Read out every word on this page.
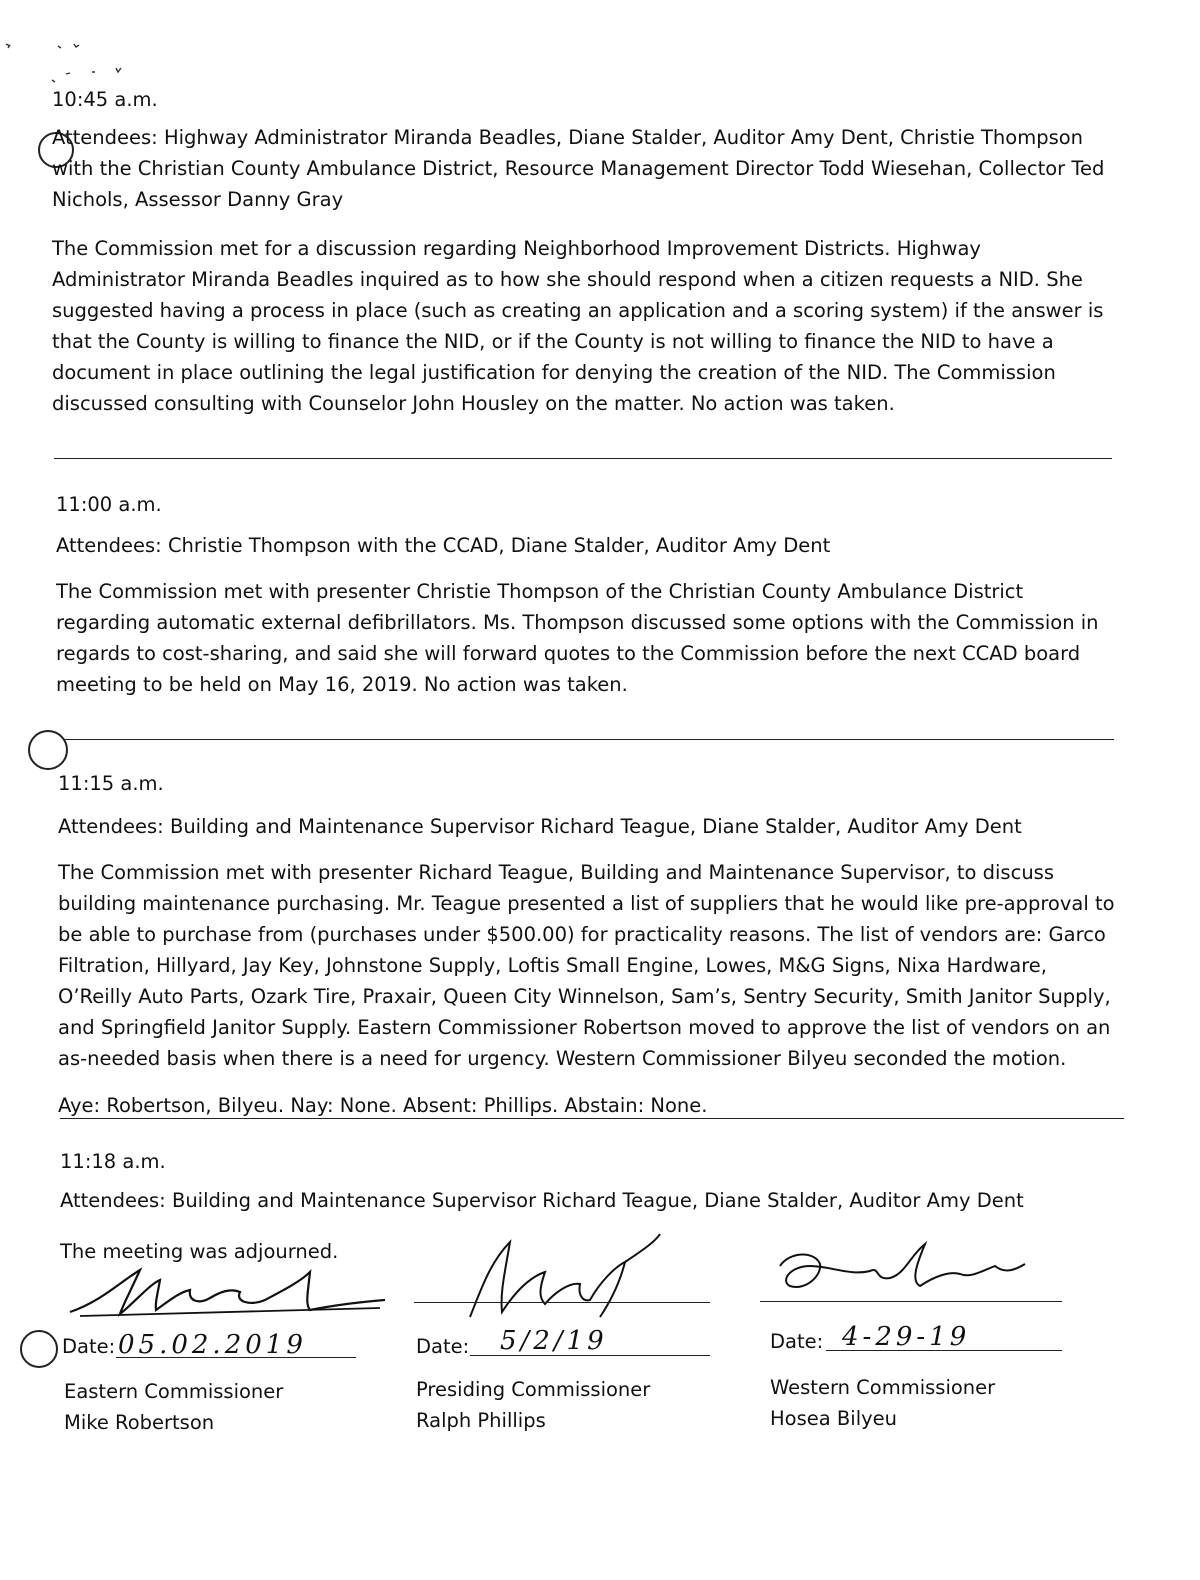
10:45 a.m.

Attendees: Highway Administrator Miranda Beadles, Diane Stalder, Auditor Amy Dent, Christie Thompson with the Christian County Ambulance District, Resource Management Director Todd Wiesehan, Collector Ted Nichols, Assessor Danny Gray

The Commission met for a discussion regarding Neighborhood Improvement Districts. Highway Administrator Miranda Beadles inquired as to how she should respond when a citizen requests a NID. She suggested having a process in place (such as creating an application and a scoring system) if the answer is that the County is willing to finance the NID, or if the County is not willing to finance the NID to have a document in place outlining the legal justification for denying the creation of the NID. The Commission discussed consulting with Counselor John Housley on the matter. No action was taken.

11:00 a.m.

Attendees: Christie Thompson with the CCAD, Diane Stalder, Auditor Amy Dent

The Commission met with presenter Christie Thompson of the Christian County Ambulance District regarding automatic external defibrillators. Ms. Thompson discussed some options with the Commission in regards to cost-sharing, and said she will forward quotes to the Commission before the next CCAD board meeting to be held on May 16, 2019. No action was taken.

11:15 a.m.

Attendees: Building and Maintenance Supervisor Richard Teague, Diane Stalder, Auditor Amy Dent

The Commission met with presenter Richard Teague, Building and Maintenance Supervisor, to discuss building maintenance purchasing. Mr. Teague presented a list of suppliers that he would like pre-approval to be able to purchase from (purchases under $500.00) for practicality reasons. The list of vendors are: Garco Filtration, Hillyard, Jay Key, Johnstone Supply, Loftis Small Engine, Lowes, M&G Signs, Nixa Hardware, O’Reilly Auto Parts, Ozark Tire, Praxair, Queen City Winnelson, Sam’s, Sentry Security, Smith Janitor Supply, and Springfield Janitor Supply. Eastern Commissioner Robertson moved to approve the list of vendors on an as-needed basis when there is a need for urgency. Western Commissioner Bilyeu seconded the motion.

Aye: Robertson, Bilyeu. Nay: None. Absent: Phillips. Abstain: None.

11:18 a.m.

Attendees: Building and Maintenance Supervisor Richard Teague, Diane Stalder, Auditor Amy Dent

The meeting was adjourned.

Date: 05.02.2019

Eastern Commissioner

Mike Robertson

Date: 5/2/19

Presiding Commissioner

Ralph Phillips

Date: 4-29-19

Western Commissioner

Hosea Bilyeu
